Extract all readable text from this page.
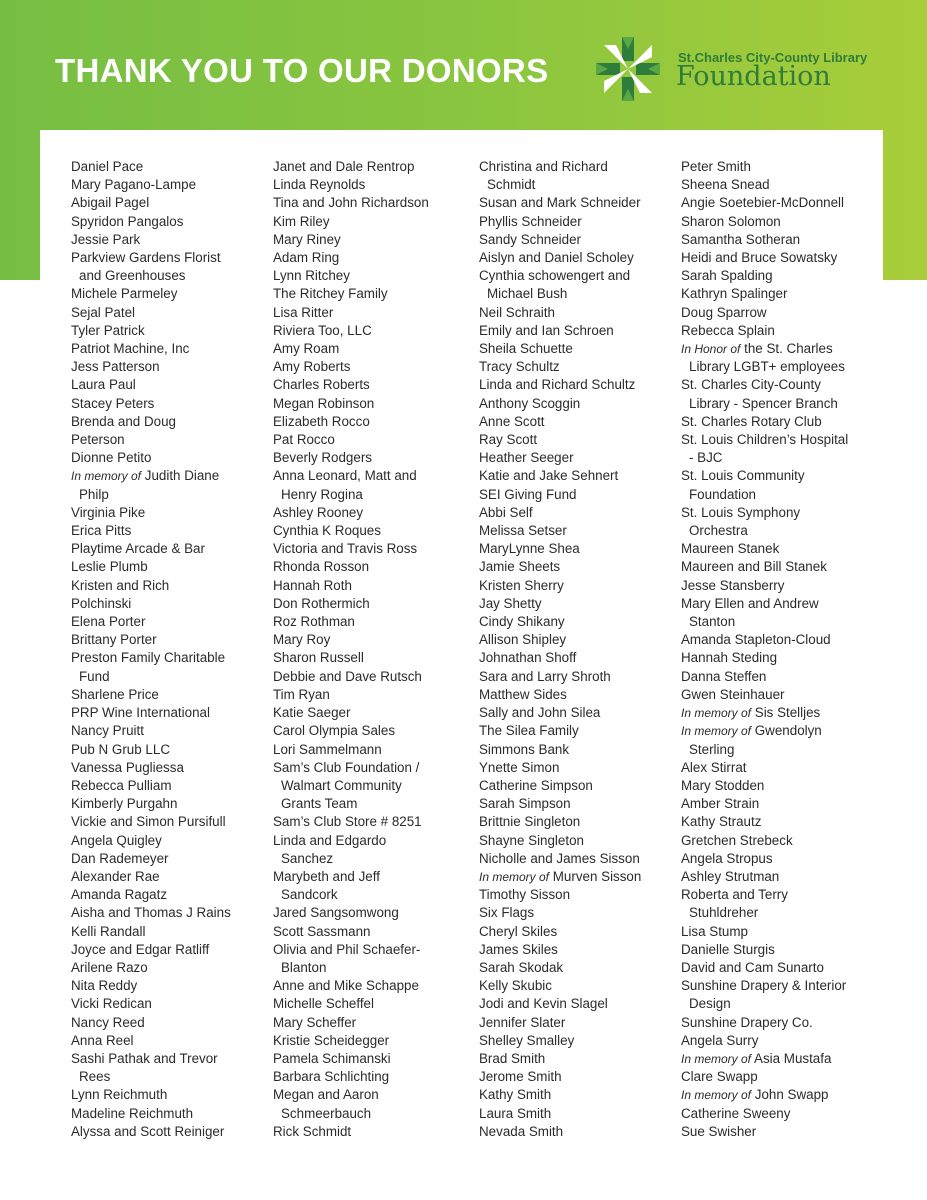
THANK YOU TO OUR DONORS	St.Charles City-County Library
Foundation
Daniel Pace
Mary Pagano-Lampe
Abigail Pagel
Spyridon Pangalos
Jessie Park
Parkview Gardens Florist
and Greenhouses
Michele Parmeley
Sejal Patel
Tyler Patrick
Patriot Machine, Inc
Jess Patterson
Laura Paul
Stacey Peters
Brenda and Doug
Peterson
Dionne Petito
In memory of Judith Diane
Philp
Virginia Pike
Erica Pitts
Playtime Arcade & Bar
Leslie Plumb
Kristen and Rich
Polchinski
Elena Porter
Brittany Porter
Preston Family Charitable
Fund
Sharlene Price
PRP Wine International
Nancy Pruitt
Pub N Grub LLC
Vanessa Pugliessa
Rebecca Pulliam
Kimberly Purgahn
Vickie and Simon Pursifull
Angela Quigley
Dan Rademeyer
Alexander Rae
Amanda Ragatz
Aisha and Thomas J Rains
Kelli Randall
Joyce and Edgar Ratliff
Arilene Razo
Nita Reddy
Vicki Redican
Nancy Reed
Anna Reel
Sashi Pathak and Trevor
Rees
Lynn Reichmuth
Madeline Reichmuth
Alyssa and Scott Reiniger
Janet and Dale Rentrop
Linda Reynolds
Tina and John Richardson
Kim Riley
Mary Riney
Adam Ring
Lynn Ritchey
The Ritchey Family
Lisa Ritter
Riviera Too, LLC
Amy Roam
Amy Roberts
Charles Roberts
Megan Robinson
Elizabeth Rocco
Pat Rocco
Beverly Rodgers
Anna Leonard, Matt and
Henry Rogina
Ashley Rooney
Cynthia K Roques
Victoria and Travis Ross
Rhonda Rosson
Hannah Roth
Don Rothermich
Roz Rothman
Mary Roy
Sharon Russell
Debbie and Dave Rutsch
Tim Ryan
Katie Saeger
Carol Olympia Sales
Lori Sammelmann
Sam’s Club Foundation /
Walmart Community
Grants Team
Sam’s Club Store # 8251
Linda and Edgardo
Sanchez
Marybeth and Jeff
Sandcork
Jared Sangsomwong
Scott Sassmann
Olivia and Phil Schaefer-
Blanton
Anne and Mike Schappe
Michelle Scheffel
Mary Scheffer
Kristie Scheidegger
Pamela Schimanski
Barbara Schlichting
Megan and Aaron
Schmeerbauch
Rick Schmidt
Christina and Richard
Schmidt
Susan and Mark Schneider
Phyllis Schneider
Sandy Schneider
Aislyn and Daniel Scholey
Cynthia schowengert and
Michael Bush
Neil Schraith
Emily and Ian Schroen
Sheila Schuette
Tracy Schultz
Linda and Richard Schultz
Anthony Scoggin
Anne Scott
Ray Scott
Heather Seeger
Katie and Jake Sehnert
SEI Giving Fund
Abbi Self
Melissa Setser
MaryLynne Shea
Jamie Sheets
Kristen Sherry
Jay Shetty
Cindy Shikany
Allison Shipley
Johnathan Shoff
Sara and Larry Shroth
Matthew Sides
Sally and John Silea
The Silea Family
Simmons Bank
Ynette Simon
Catherine Simpson
Sarah Simpson
Brittnie Singleton
Shayne Singleton
Nicholle and James Sisson
In memory of Murven Sisson
Timothy Sisson
Six Flags
Cheryl Skiles
James Skiles
Sarah Skodak
Kelly Skubic
Jodi and Kevin Slagel
Jennifer Slater
Shelley Smalley
Brad Smith
Jerome Smith
Kathy Smith
Laura Smith
Nevada Smith
Peter Smith
Sheena Snead
Angie Soetebier-McDonnell
Sharon Solomon
Samantha Sotheran
Heidi and Bruce Sowatsky
Sarah Spalding
Kathryn Spalinger
Doug Sparrow
Rebecca Splain
In Honor of the St. Charles
Library LGBT+ employees
St. Charles City-County
Library - Spencer Branch
St. Charles Rotary Club
St. Louis Children’s Hospital
- BJC
St. Louis Community
Foundation
St. Louis Symphony
Orchestra
Maureen Stanek
Maureen and Bill Stanek
Jesse Stansberry
Mary Ellen and Andrew
Stanton
Amanda Stapleton-Cloud
Hannah Steding
Danna Steffen
Gwen Steinhauer
In memory of Sis Stelljes
In memory of Gwendolyn
Sterling
Alex Stirrat
Mary Stodden
Amber Strain
Kathy Strautz
Gretchen Strebeck
Angela Stropus
Ashley Strutman
Roberta and Terry
Stuhldreher
Lisa Stump
Danielle Sturgis
David and Cam Sunarto
Sunshine Drapery & Interior
Design
Sunshine Drapery Co.
Angela Surry
In memory of Asia Mustafa
Clare Swapp
In memory of John Swapp
Catherine Sweeny
Sue Swisher
